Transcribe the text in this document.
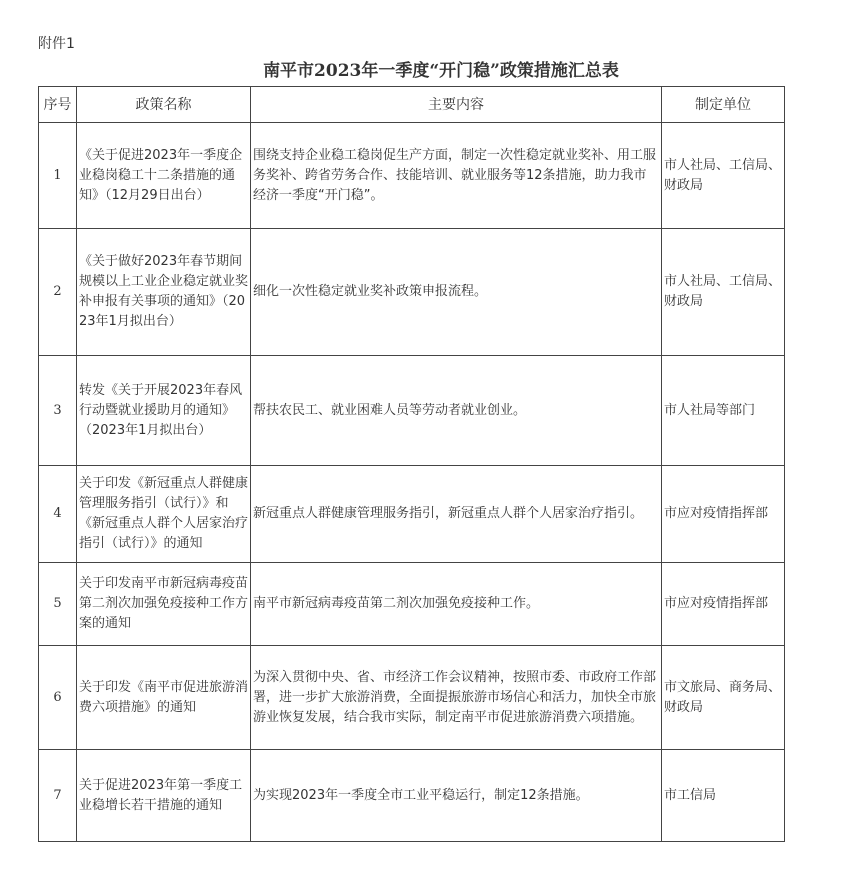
附件1
南平市2023年一季度“开门稳”政策措施汇总表
序号	政策名称	主要内容	制定单位
1	《关于促进2023年一季度企业稳岗稳工十二条措施的通知》（12月29日出台）	围绕支持企业稳工稳岗促生产方面，制定一次性稳定就业奖补、用工服务奖补、跨省劳务合作、技能培训、就业服务等12条措施，助力我市经济一季度“开门稳”。	市人社局、工信局、财政局
2	《关于做好2023年春节期间规模以上工业企业稳定就业奖补申报有关事项的通知》（2023年1月拟出台）	细化一次性稳定就业奖补政策申报流程。	市人社局、工信局、财政局
3	转发《关于开展2023年春风行动暨就业援助月的通知》（2023年1月拟出台）	帮扶农民工、就业困难人员等劳动者就业创业。	市人社局等部门
4	关于印发《新冠重点人群健康管理服务指引（试行）》和《新冠重点人群个人居家治疗指引（试行）》的通知	新冠重点人群健康管理服务指引，新冠重点人群个人居家治疗指引。	市应对疫情指挥部
5	关于印发南平市新冠病毒疫苗第二剂次加强免疫接种工作方案的通知	南平市新冠病毒疫苗第二剂次加强免疫接种工作。	市应对疫情指挥部
6	关于印发《南平市促进旅游消费六项措施》的通知	为深入贯彻中央、省、市经济工作会议精神，按照市委、市政府工作部署，进一步扩大旅游消费，全面提振旅游市场信心和活力，加快全市旅游业恢复发展，结合我市实际，制定南平市促进旅游消费六项措施。	市文旅局、商务局、财政局
7	关于促进2023年第一季度工业稳增长若干措施的通知	为实现2023年一季度全市工业平稳运行，制定12条措施。	市工信局
